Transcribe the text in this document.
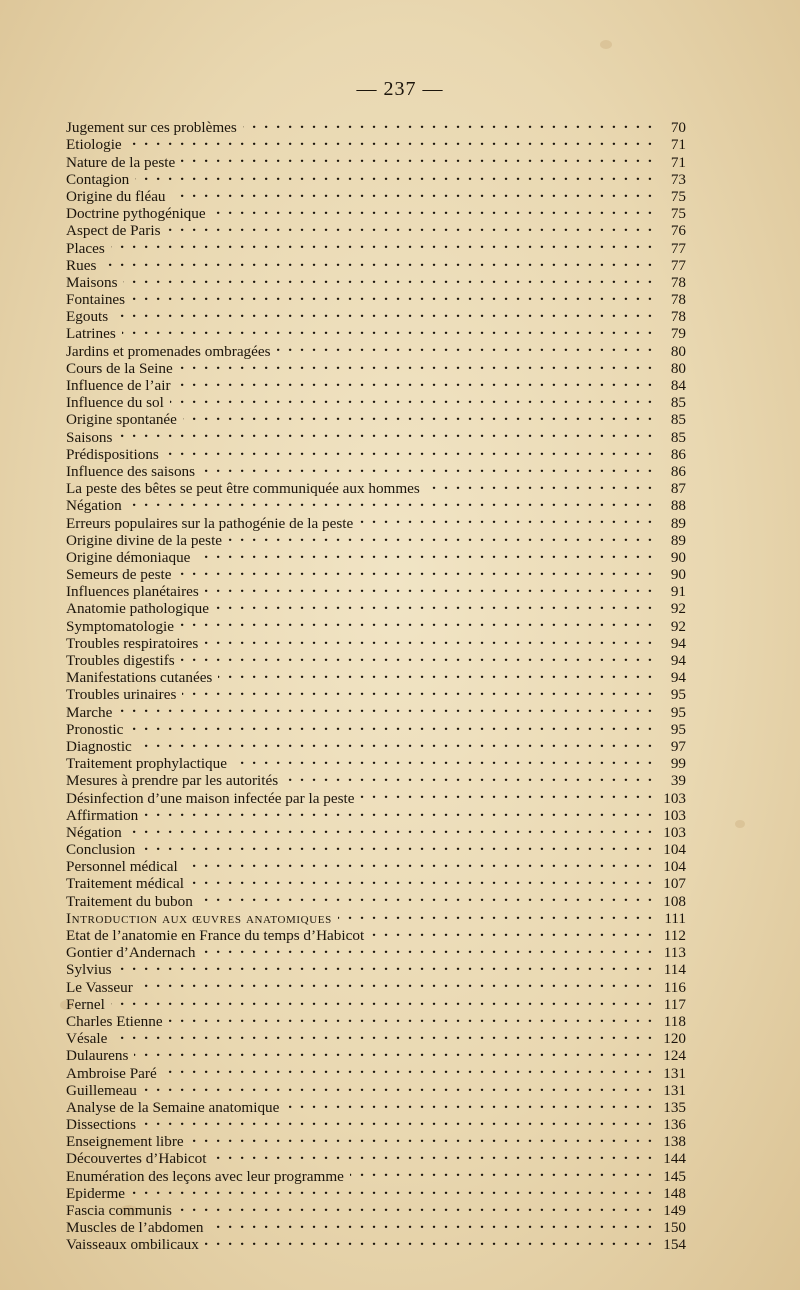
— 237 —
Jugement sur ces problèmes . . .	70
Etiologie . . .	71
Nature de la peste . . .	71
Contagion . . .	73
Origine du fléau . . .	75
Doctrine pythogénique . . .	75
Aspect de Paris . . .	76
Places . . .	77
Rues . . .	77
Maisons . . .	78
Fontaines . . .	78
Egouts . . .	78
Latrines . . .	79
Jardins et promenades ombragées . . .	80
Cours de la Seine . . .	80
Influence de l’air . . .	84
Influence du sol . . .	85
Origine spontanée . . .	85
Saisons . . .	85
Prédispositions . . .	86
Influence des saisons . . .	86
La peste des bêtes se peut être communiquée aux hommes . . .	87
Négation . . .	88
Erreurs populaires sur la pathogénie de la peste . . .	89
Origine divine de la peste . . .	89
Origine démoniaque . . .	90
Semeurs de peste . . .	90
Influences planétaires . . .	91
Anatomie pathologique . . .	92
Symptomatologie . . .	92
Troubles respiratoires . . .	94
Troubles digestifs . . .	94
Manifestations cutanées . . .	94
Troubles urinaires . . .	95
Marche . . .	95
Pronostic . . .	95
Diagnostic . . .	97
Traitement prophylactique . . .	99
Mesures à prendre par les autorités . . .	39
Désinfection d’une maison infectée par la peste . . .	103
Affirmation . . .	103
Négation . . .	103
Conclusion . . .	104
Personnel médical . . .	104
Traitement médical . . .	107
Traitement du bubon . . .	108
Introduction aux œuvres anatomiques . . .	111
Etat de l’anatomie en France du temps d’Habicot . . .	112
Gontier d’Andernach . . .	113
Sylvius . . .	114
Le Vasseur . . .	116
Fernel . . .	117
Charles Etienne . . .	118
Vésale . . .	120
Dulaurens . . .	124
Ambroise Paré . . .	131
Guillemeau . . .	131
Analyse de la Semaine anatomique . . .	135
Dissections . . .	136
Enseignement libre . . .	138
Découvertes d’Habicot . . .	144
Enumération des leçons avec leur programme . . .	145
Epiderme . . .	148
Fascia communis . . .	149
Muscles de l’abdomen . . .	150
Vaisseaux ombilicaux . . .	154
